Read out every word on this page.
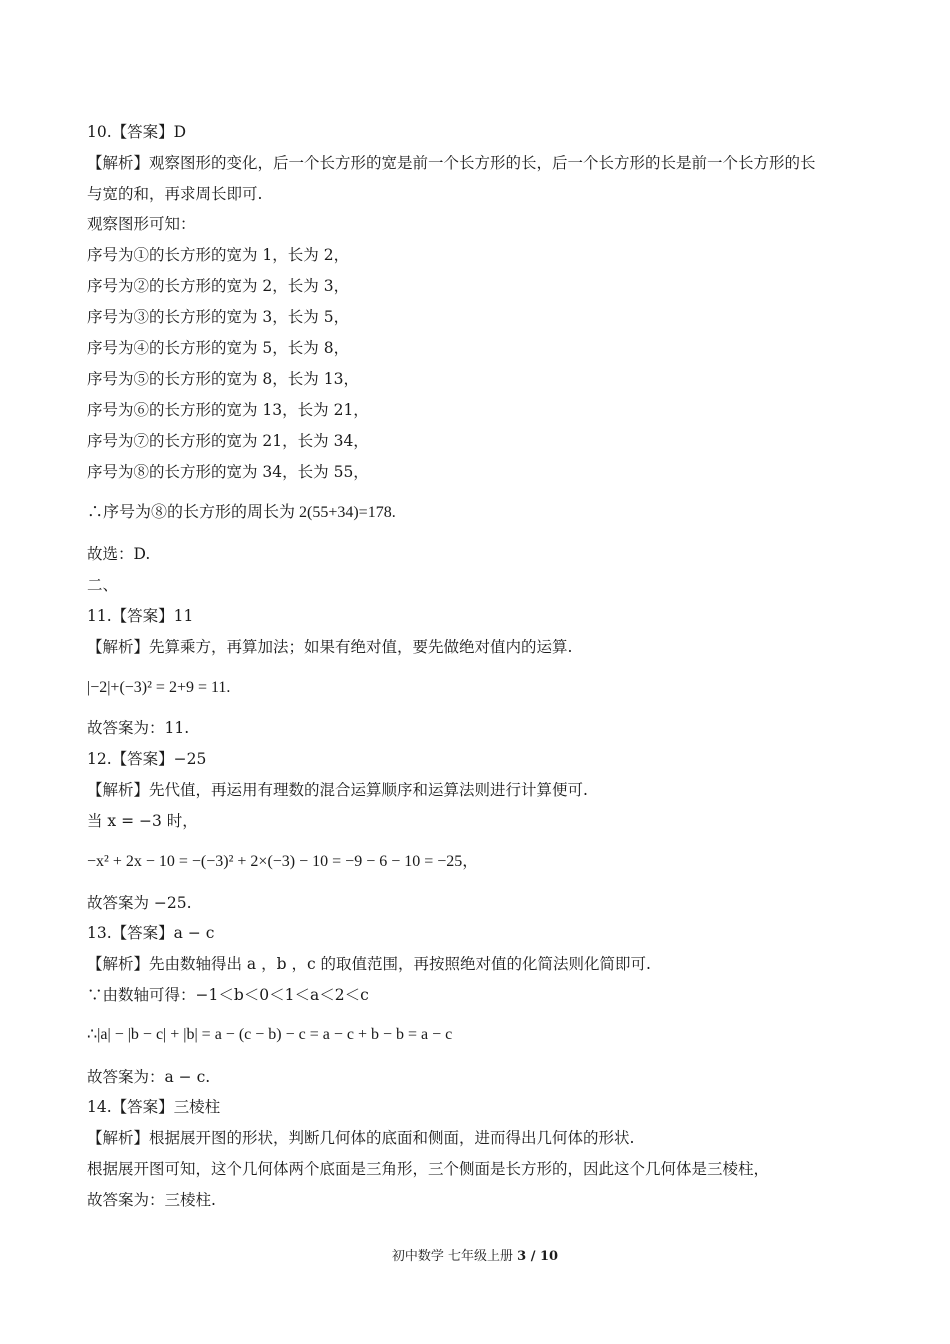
10.【答案】D
【解析】观察图形的变化，后一个长方形的宽是前一个长方形的长，后一个长方形的长是前一个长方形的长
与宽的和，再求周长即可.
观察图形可知：
序号为①的长方形的宽为 1，长为 2，
序号为②的长方形的宽为 2，长为 3，
序号为③的长方形的宽为 3，长为 5，
序号为④的长方形的宽为 5，长为 8，
序号为⑤的长方形的宽为 8，长为 13，
序号为⑥的长方形的宽为 13，长为 21，
序号为⑦的长方形的宽为 21，长为 34，
序号为⑧的长方形的宽为 34，长为 55，
∴序号为⑧的长方形的周长为 2(55+34)=178.
故选：D.
二、
11.【答案】11
【解析】先算乘方，再算加法；如果有绝对值，要先做绝对值内的运算.
|−2|+(−3)² = 2+9 = 11.
故答案为：11.
12.【答案】−25
【解析】先代值，再运用有理数的混合运算顺序和运算法则进行计算便可.
当 x = −3 时，
−x² + 2x − 10 = −(−3)² + 2×(−3) − 10 = −9 − 6 − 10 = −25，
故答案为 −25.
13.【答案】a − c
【解析】先由数轴得出 a ，b ，c 的取值范围，再按照绝对值的化简法则化简即可.
∵由数轴可得：−1＜b＜0＜1＜a＜2＜c
∴|a| − |b − c| + |b| = a − (c − b) − c = a − c + b − b = a − c
故答案为：a − c.
14.【答案】三棱柱
【解析】根据展开图的形状，判断几何体的底面和侧面，进而得出几何体的形状.
根据展开图可知，这个几何体两个底面是三角形，三个侧面是长方形的，因此这个几何体是三棱柱，
故答案为：三棱柱.
初中数学 七年级上册 3 / 10
